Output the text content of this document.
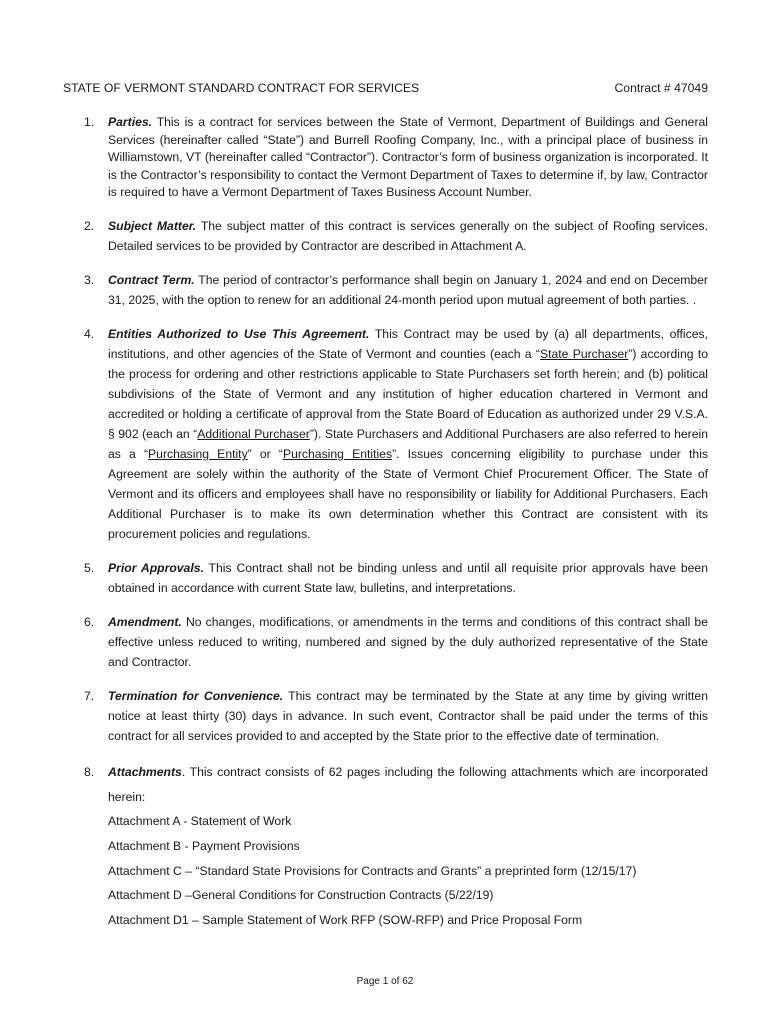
STATE OF VERMONT STANDARD CONTRACT FOR SERVICES	Contract # 47049
1. Parties. This is a contract for services between the State of Vermont, Department of Buildings and General Services (hereinafter called “State”) and Burrell Roofing Company, Inc., with a principal place of business in Williamstown, VT (hereinafter called “Contractor”). Contractor’s form of business organization is incorporated. It is the Contractor’s responsibility to contact the Vermont Department of Taxes to determine if, by law, Contractor is required to have a Vermont Department of Taxes Business Account Number.

2. Subject Matter. The subject matter of this contract is services generally on the subject of Roofing services. Detailed services to be provided by Contractor are described in Attachment A.

3. Contract Term. The period of contractor’s performance shall begin on January 1, 2024 and end on December 31, 2025, with the option to renew for an additional 24-month period upon mutual agreement of both parties. .

4. Entities Authorized to Use This Agreement. This Contract may be used by (a) all departments, offices, institutions, and other agencies of the State of Vermont and counties (each a “State Purchaser”) according to the process for ordering and other restrictions applicable to State Purchasers set forth herein; and (b) political subdivisions of the State of Vermont and any institution of higher education chartered in Vermont and accredited or holding a certificate of approval from the State Board of Education as authorized under 29 V.S.A. § 902 (each an “Additional Purchaser”). State Purchasers and Additional Purchasers are also referred to herein as a “Purchasing Entity” or “Purchasing Entities”. Issues concerning eligibility to purchase under this Agreement are solely within the authority of the State of Vermont Chief Procurement Officer. The State of Vermont and its officers and employees shall have no responsibility or liability for Additional Purchasers. Each Additional Purchaser is to make its own determination whether this Contract are consistent with its procurement policies and regulations.

5. Prior Approvals. This Contract shall not be binding unless and until all requisite prior approvals have been obtained in accordance with current State law, bulletins, and interpretations.

6. Amendment. No changes, modifications, or amendments in the terms and conditions of this contract shall be effective unless reduced to writing, numbered and signed by the duly authorized representative of the State and Contractor.

7. Termination for Convenience. This contract may be terminated by the State at any time by giving written notice at least thirty (30) days in advance. In such event, Contractor shall be paid under the terms of this contract for all services provided to and accepted by the State prior to the effective date of termination.

8. Attachments. This contract consists of 62 pages including the following attachments which are incorporated herein:

Attachment A - Statement of Work

Attachment B - Payment Provisions

Attachment C – “Standard State Provisions for Contracts and Grants” a preprinted form (12/15/17)

Attachment D –General Conditions for Construction Contracts (5/22/19)

Attachment D1 – Sample Statement of Work RFP (SOW-RFP) and Price Proposal Form

Page 1 of 62
